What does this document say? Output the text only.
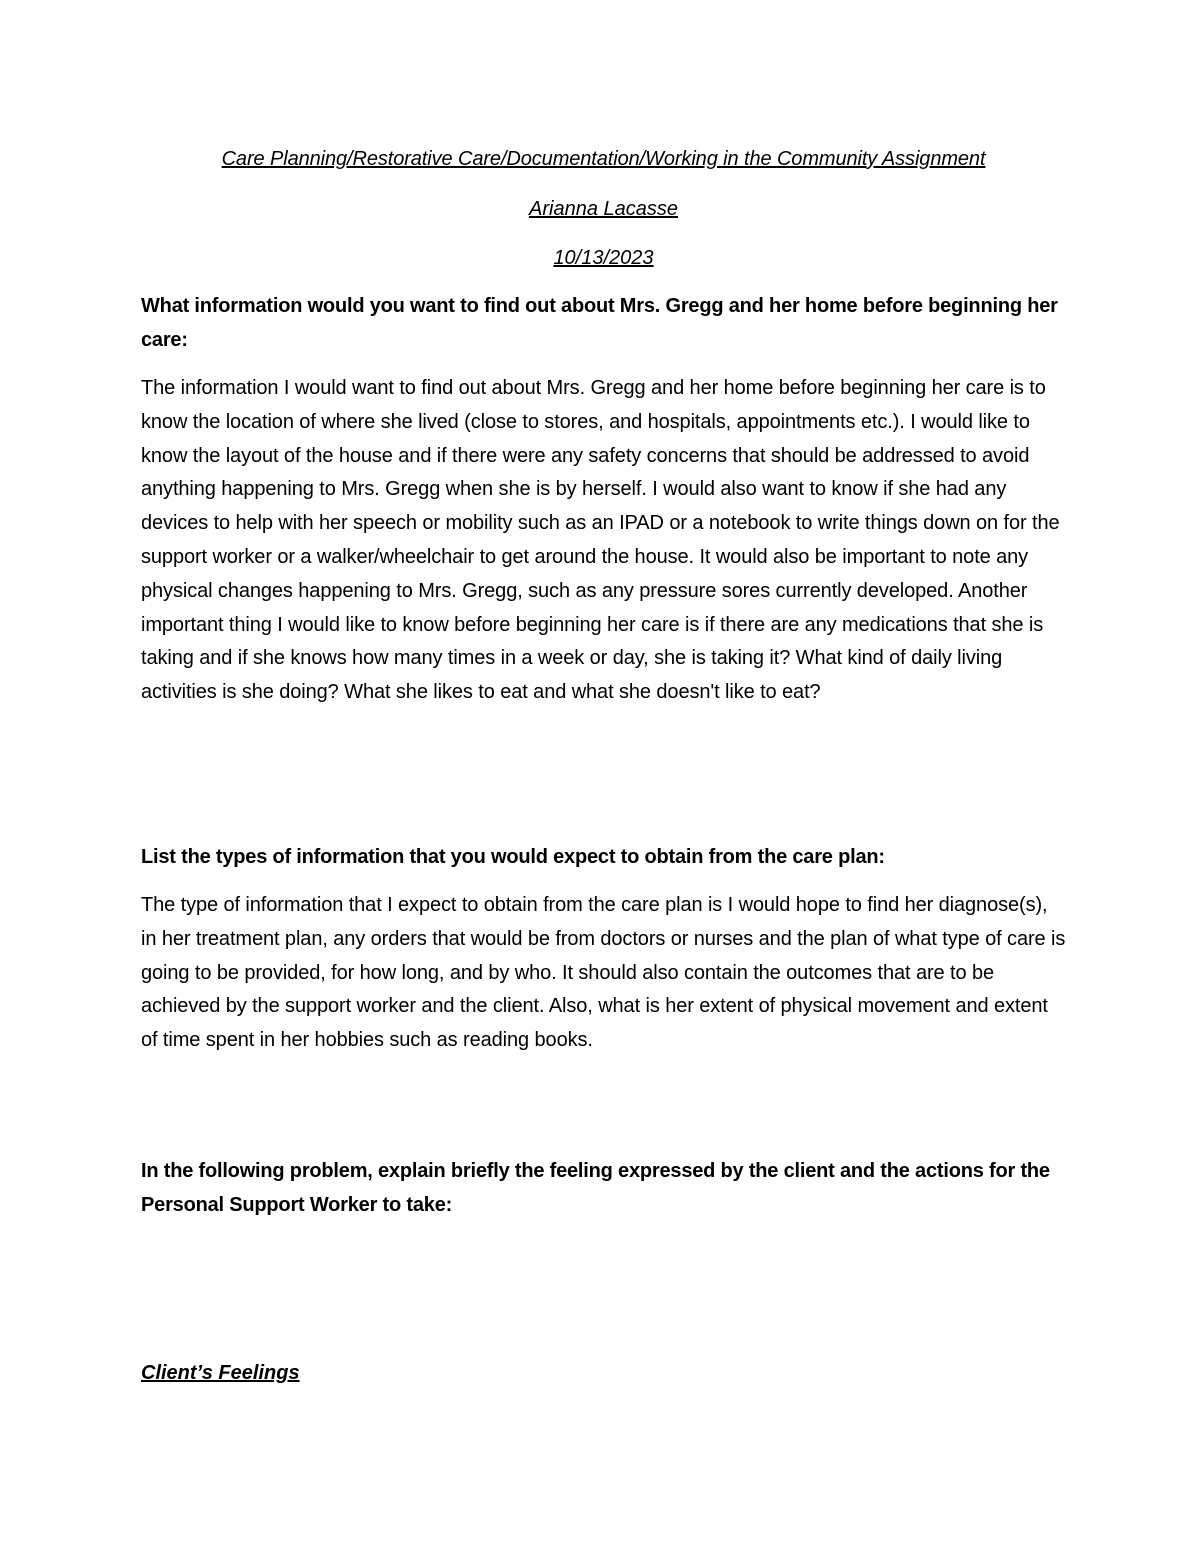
Care Planning/Restorative Care/Documentation/Working in the Community Assignment
Arianna Lacasse
10/13/2023
What information would you want to find out about Mrs. Gregg and her home before beginning her care:
The information I would want to find out about Mrs. Gregg and her home before beginning her care is to know the location of where she lived (close to stores, and hospitals, appointments etc.). I would like to know the layout of the house and if there were any safety concerns that should be addressed to avoid anything happening to Mrs. Gregg when she is by herself. I would also want to know if she had any devices to help with her speech or mobility such as an IPAD or a notebook to write things down on for the support worker or a walker/wheelchair to get around the house. It would also be important to note any physical changes happening to Mrs. Gregg, such as any pressure sores currently developed. Another important thing I would like to know before beginning her care is if there are any medications that she is taking and if she knows how many times in a week or day, she is taking it? What kind of daily living activities is she doing? What she likes to eat and what she doesn't like to eat?
List the types of information that you would expect to obtain from the care plan:
The type of information that I expect to obtain from the care plan is I would hope to find her diagnose(s), in her treatment plan, any orders that would be from doctors or nurses and the plan of what type of care is going to be provided, for how long, and by who. It should also contain the outcomes that are to be achieved by the support worker and the client. Also, what is her extent of physical movement and extent of time spent in her hobbies such as reading books.
In the following problem, explain briefly the feeling expressed by the client and the actions for the Personal Support Worker to take:
Client’s Feelings
